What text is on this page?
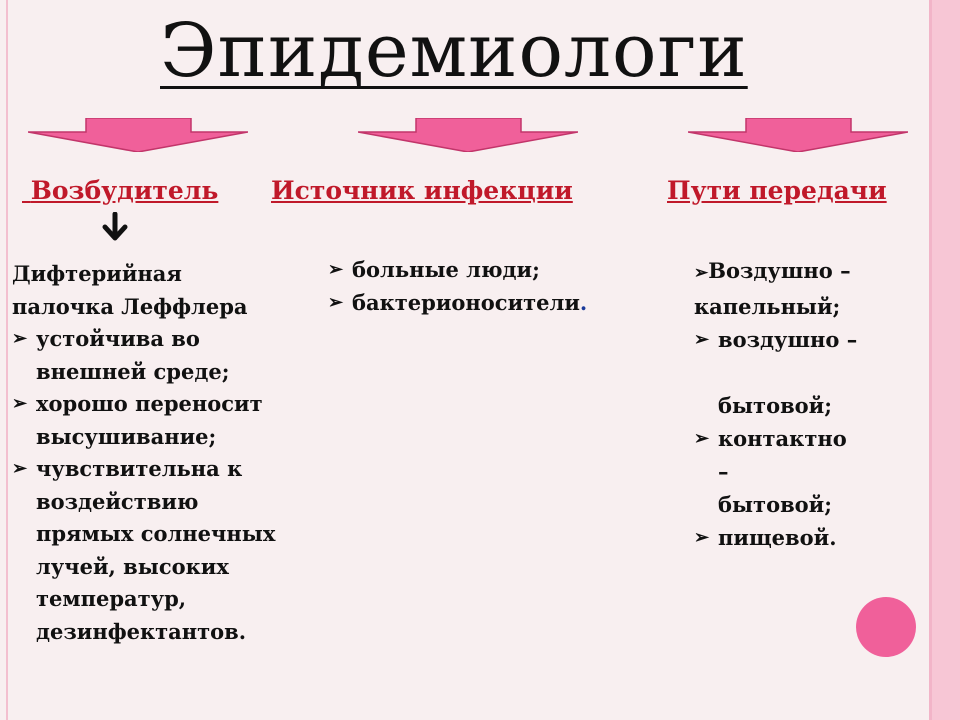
Эпидемиологи
Возбудитель Источник инфекции	Пути передачи

Дифтерийная

палочка Леффлера

➢ устойчива во

внешней среде;

➢ хорошо переносит

высушивание;

➢ чувствительна к

воздействию

прямых солнечных

лучей, высоких

температур,

дезинфектантов.

➢ больные люди;

➢ бактерионосители.

➢Воздушно –

капельный;

➢ воздушно –

бытовой;

➢ контактно

–

бытовой;

➢ пищевой.
